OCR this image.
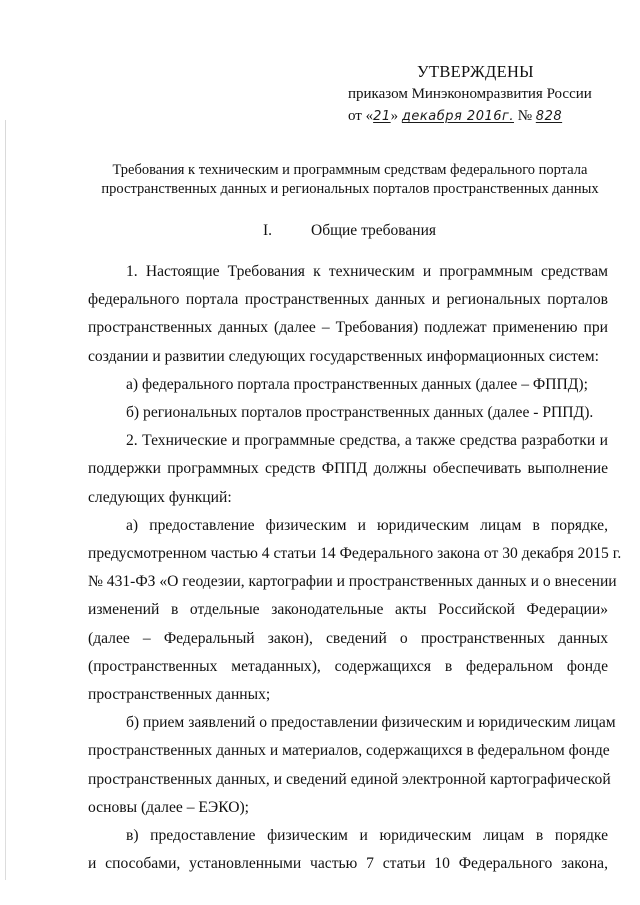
УТВЕРЖДЕНЫ
приказом Минэкономразвития России
от «21» декабря 2016г. № 828
Требования к техническим и программным средствам федерального портала
пространственных данных и региональных порталов пространственных данных
I.	Общие требования
1. Настоящие Требования к техническим и программным средствам
федерального портала пространственных данных и региональных порталов
пространственных данных (далее – Требования) подлежат применению при
создании и развитии следующих государственных информационных систем:
а) федерального портала пространственных данных (далее – ФППД);
б) региональных порталов пространственных данных (далее - РППД).
2. Технические и программные средства, а также средства разработки и
поддержки программных средств ФППД должны обеспечивать выполнение
следующих функций:
а) предоставление физическим и юридическим лицам в порядке,
предусмотренном частью 4 статьи 14 Федерального закона от 30 декабря 2015 г.
№ 431-ФЗ «О геодезии, картографии и пространственных данных и о внесении
изменений в отдельные законодательные акты Российской Федерации»
(далее – Федеральный закон), сведений о пространственных данных
(пространственных метаданных), содержащихся в федеральном фонде
пространственных данных;
б) прием заявлений о предоставлении физическим и юридическим лицам
пространственных данных и материалов, содержащихся в федеральном фонде
пространственных данных, и сведений единой электронной картографической
основы (далее – ЕЭКО);
в) предоставление физическим и юридическим лицам в порядке
и способами, установленными частью 7 статьи 10 Федерального закона,
